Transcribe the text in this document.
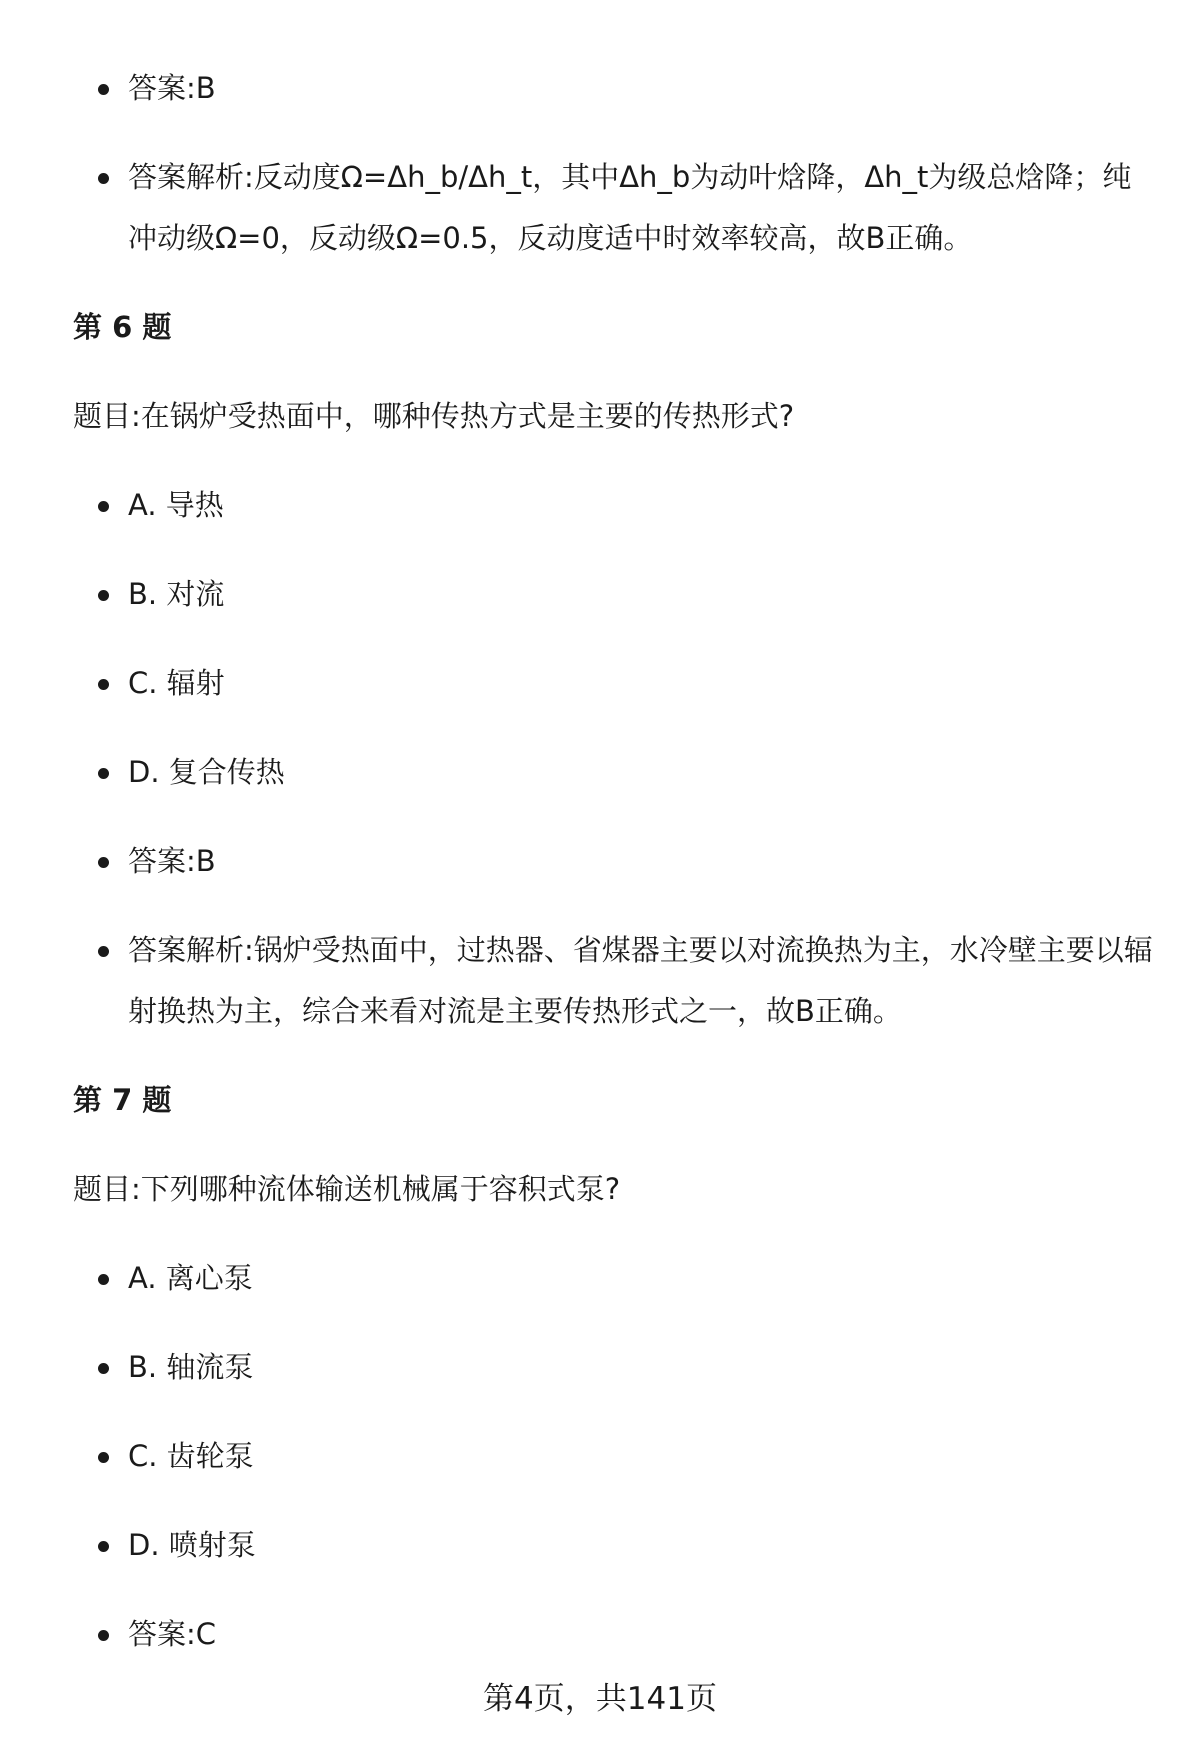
答案:B
答案解析:反动度Ω=Δh_b/Δh_t，其中Δh_b为动叶焓降，Δh_t为级总焓降；纯冲动级Ω=0，反动级Ω=0.5，反动度适中时效率较高，故B正确。
第 6 题
题目:在锅炉受热面中，哪种传热方式是主要的传热形式?
A. 导热
B. 对流
C. 辐射
D. 复合传热
答案:B
答案解析:锅炉受热面中，过热器、省煤器主要以对流换热为主，水冷壁主要以辐射换热为主，综合来看对流是主要传热形式之一，故B正确。
第 7 题
题目:下列哪种流体输送机械属于容积式泵?
A. 离心泵
B. 轴流泵
C. 齿轮泵
D. 喷射泵
答案:C
第4页，共141页
